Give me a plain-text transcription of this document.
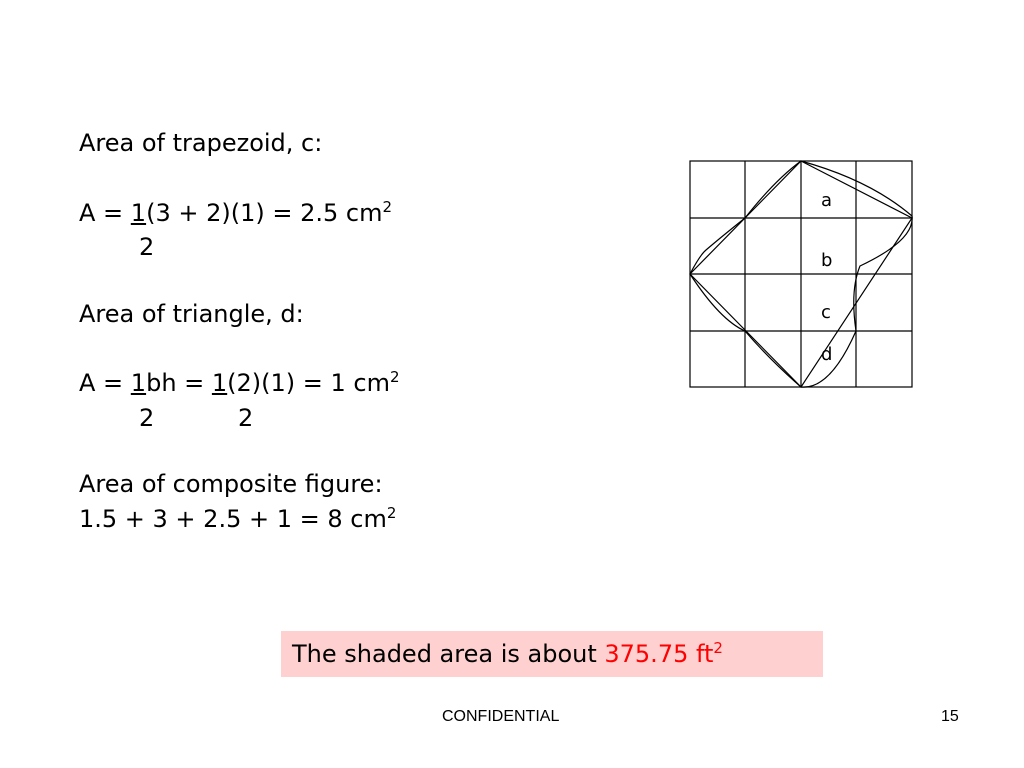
Area of trapezoid, c:
A = 1(3 + 2)(1) = 2.5 $cm^2$
2
Area of triangle, d:
A = 1bh = 1(2)(1) = 1 $cm^2$
2	2
Area of composite figure:
1.5 + 3 + 2.5 + 1 = 8 $cm^2$
a
b
c
d
The shaded area is about 375.75 $ft^2$
CONFIDENTIAL	15
